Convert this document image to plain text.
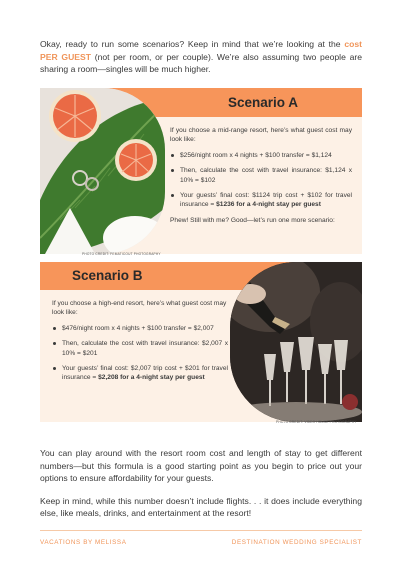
Okay, ready to run some scenarios? Keep in mind that we’re looking at the cost PER GUEST (not per room, or per couple). We’re also assuming two people are sharing a room—singles will be much higher.

Scenario A
PHOTO CREDIT: FEMATICOUT PHOTOGRAPHY

If you choose a mid-range resort, here’s what guest cost may look like:

$256/night room x 4 nights + $100 transfer = $1,124
Then, calculate the cost with travel insurance: $1,124 x 10% = $102
Your guests’ final cost: $1124 trip cost + $102 for travel insurance = $1236 for a 4-night stay per guest

Phew! Still with me? Good—let’s run one more scenario:

Scenario B
PHOTO CREDIT: VIDEO HOUSE PHOTOGRAPHY

If you choose a high-end resort, here’s what guest cost may look like:

$476/night room x 4 nights + $100 transfer = $2,007
Then, calculate the cost with travel insurance: $2,007 x 10% = $201
Your guests’ final cost: $2,007 trip cost + $201 for travel insurance = $2,208 for a 4-night stay per guest

You can play around with the resort room cost and length of stay to get different numbers—but this formula is a good starting point as you begin to price out your options to ensure affordability for your guests.

Keep in mind, while this number doesn’t include flights. . . it does include everything else, like meals, drinks, and entertainment at the resort!

VACATIONS BY MELISSA	DESTINATION WEDDING SPECIALIST
